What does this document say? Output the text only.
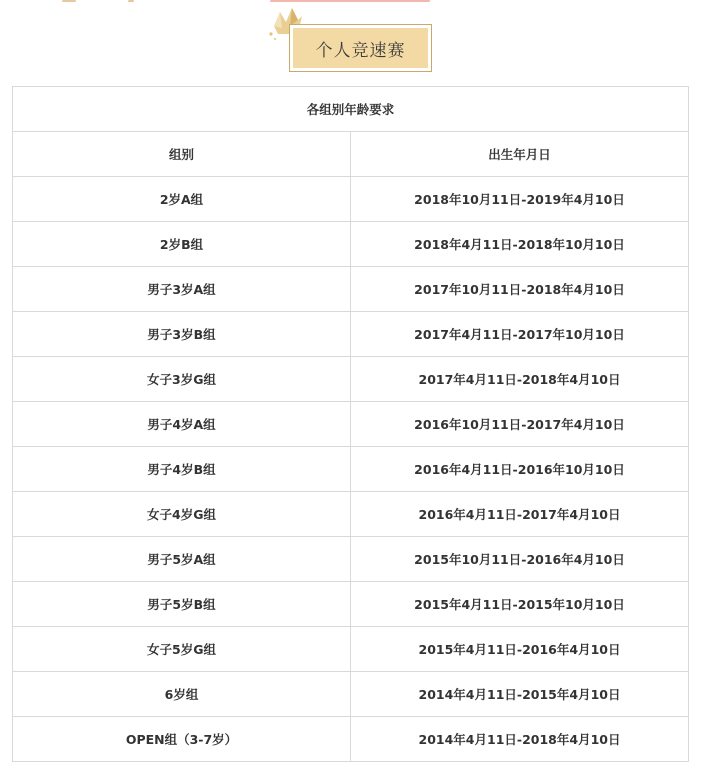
个人竞速赛
各组别年龄要求	
组别	出生年月日
2岁A组	2018年10月11日-2019年4月10日
2岁B组	2018年4月11日-2018年10月10日
男子3岁A组	2017年10月11日-2018年4月10日
男子3岁B组	2017年4月11日-2017年10月10日
女子3岁G组	2017年4月11日-2018年4月10日
男子4岁A组	2016年10月11日-2017年4月10日
男子4岁B组	2016年4月11日-2016年10月10日
女子4岁G组	2016年4月11日-2017年4月10日
男子5岁A组	2015年10月11日-2016年4月10日
男子5岁B组	2015年4月11日-2015年10月10日
女子5岁G组	2015年4月11日-2016年4月10日
6岁组	2014年4月11日-2015年4月10日
OPEN组（3-7岁）	2014年4月11日-2018年4月10日
